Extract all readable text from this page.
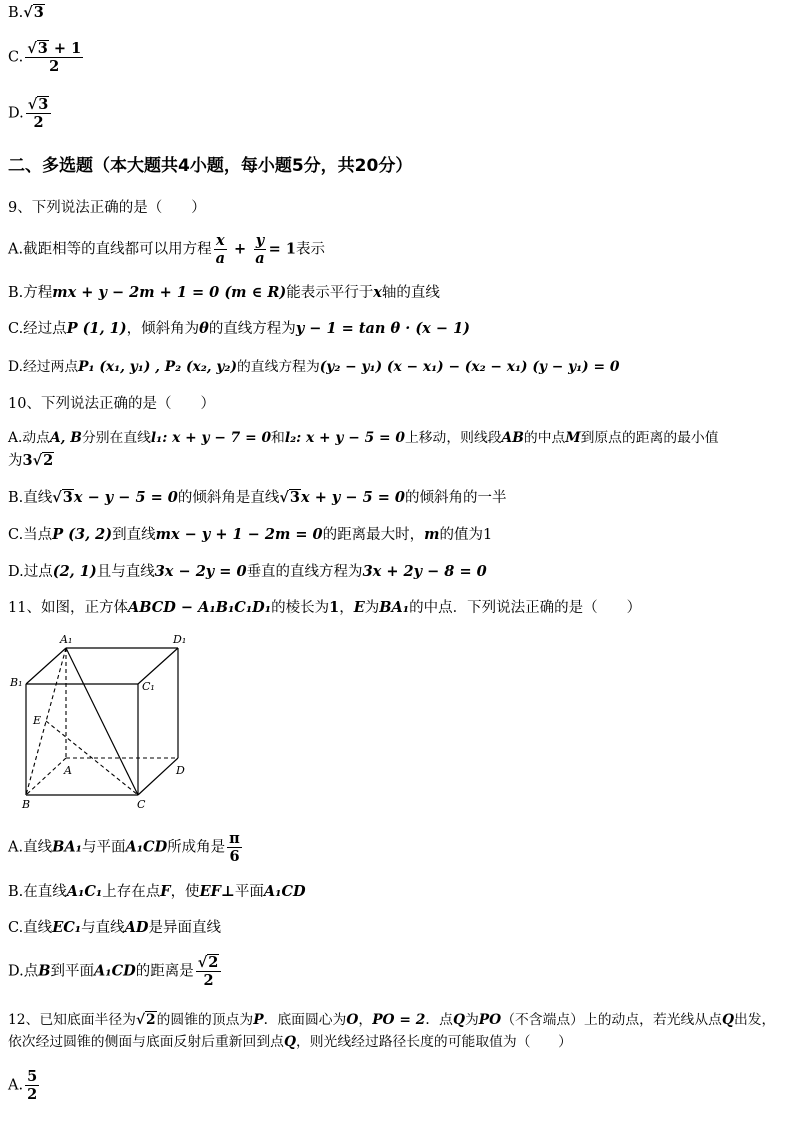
B.√3
C. $\frac{√3 + 1}{2}$
D. $\frac{√3}{2}$
二、多选题（本大题共4小题，每小题5分，共20分）
9、下列说法正确的是（　　）
A.截距相等的直线都可以用方程 $\frac{x}{a} + \frac{y}{a} = 1$表示
B.方程mx + y − 2m + 1 = 0 (m ∈ R)能表示平行于x轴的直线
C.经过点P (1, 1)，倾斜角为θ的直线方程为y − 1 = tan θ · (x − 1)
D.经过两点P₁ (x₁, y₁) , P₂ (x₂, y₂)的直线方程为(y₂ − y₁) (x − x₁) − (x₂ − x₁) (y − y₁) = 0
10、下列说法正确的是（　　）
A.动点A, B分别在直线l₁: x + y − 7 = 0和l₂: x + y − 5 = 0上移动，则线段AB的中点M到原点的距离的最小值
为3√2
B.直线√3x − y − 5 = 0的倾斜角是直线√3x + y − 5 = 0的倾斜角的一半
C.当点P (3, 2)到直线mx − y + 1 − 2m = 0的距离最大时，m的值为1
D.过点(2, 1)且与直线3x − 2y = 0垂直的直线方程为3x + 2y − 8 = 0
11、如图，正方体ABCD − A₁B₁C₁D₁的棱长为1，E为BA₁的中点．下列说法正确的是（　　）
A₁	D₁
B₁	C₁
E
A	D
B	C
A.直线BA₁与平面A₁CD所成角是 $\frac{\pi}{6}$
B.在直线A₁C₁上存在点F，使EF⊥平面A₁CD
C.直线EC₁与直线AD是异面直线
D.点B到平面A₁CD的距离是 $\frac{√2}{2}$
12、已知底面半径为√2的圆锥的顶点为P．底面圆心为O，PO = 2．点Q为PO（不含端点）上的动点，若光线从点Q出发，依次经过圆锥的侧面与底面反射后重新回到点Q，则光线经过路径长度的可能取值为（　　）
A. $\frac{5}{2}$
